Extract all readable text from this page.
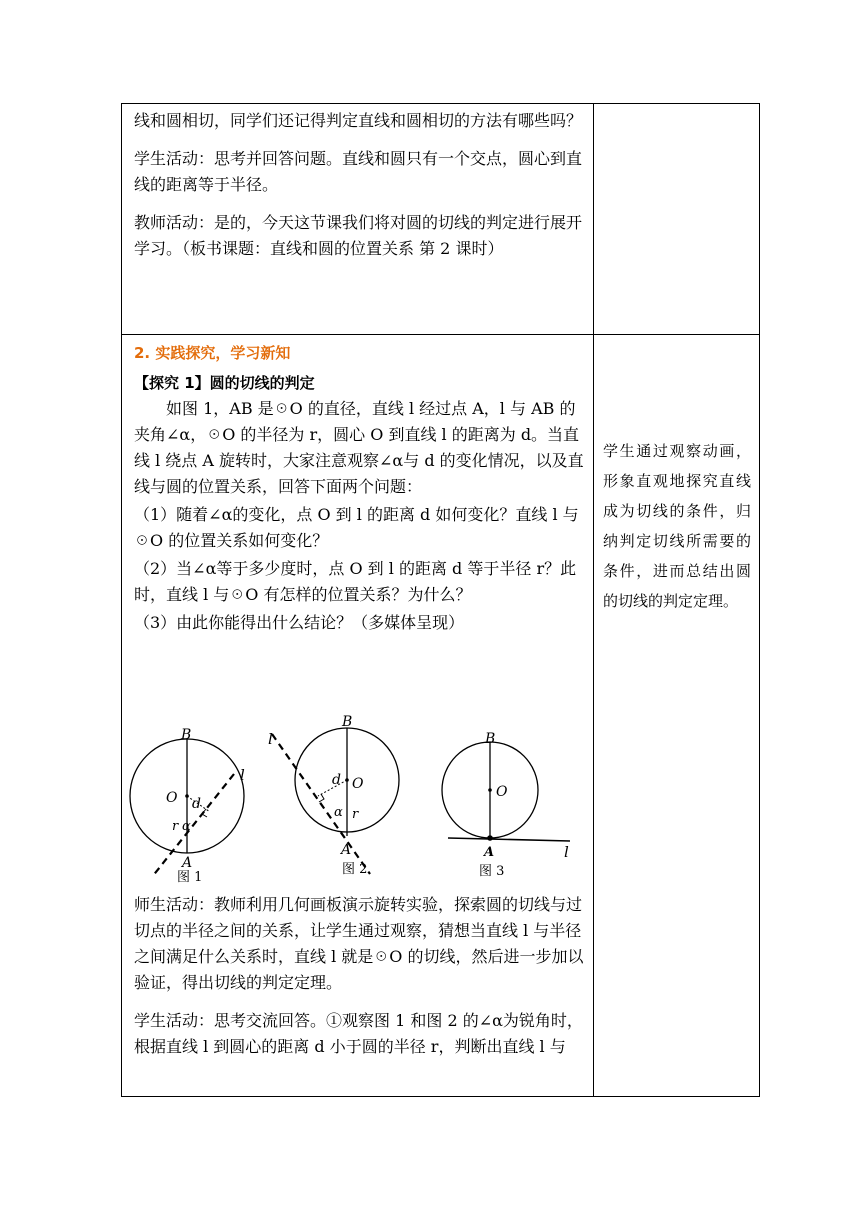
线和圆相切，同学们还记得判定直线和圆相切的方法有哪些吗？

学生活动：思考并回答问题。直线和圆只有一个交点，圆心到直线的距离等于半径。

教师活动：是的，今天这节课我们将对圆的切线的判定进行展开学习。（板书课题：直线和圆的位置关系 第 2 课时）

2. 实践探究，学习新知

【探究 1】圆的切线的判定

如图 1，AB 是☉O 的直径，直线 l 经过点 A，l 与 AB 的夹角∠α，☉O 的半径为 r，圆心 O 到直线 l 的距离为 d。当直线 l 绕点 A 旋转时，大家注意观察∠α与 d 的变化情况，以及直线与圆的位置关系，回答下面两个问题：

（1）随着∠α的变化，点 O 到 l 的距离 d 如何变化？直线 l 与☉O 的位置关系如何变化？

（2）当∠α等于多少度时，点 O 到 l 的距离 d 等于半径 r？此时，直线 l 与☉O 有怎样的位置关系？为什么？

（3）由此你能得出什么结论？（多媒体呈现）

B
O d
r α
A
l
图 1
B
O
d
r
α
A
l
图 2
B
O
A	l
图 3

师生活动：教师利用几何画板演示旋转实验，探索圆的切线与过切点的半径之间的关系，让学生通过观察，猜想当直线 l 与半径之间满足什么关系时，直线 l 就是☉O 的切线，然后进一步加以验证，得出切线的判定定理。

学生活动：思考交流回答。①观察图 1 和图 2 的∠α为锐角时，根据直线 l 到圆心的距离 d 小于圆的半径 r，判断出直线 l 与

学生通过观察动画，形象直观地探究直线成为切线的条件，归纳判定切线所需要的条件，进而总结出圆的切线的判定定理。
